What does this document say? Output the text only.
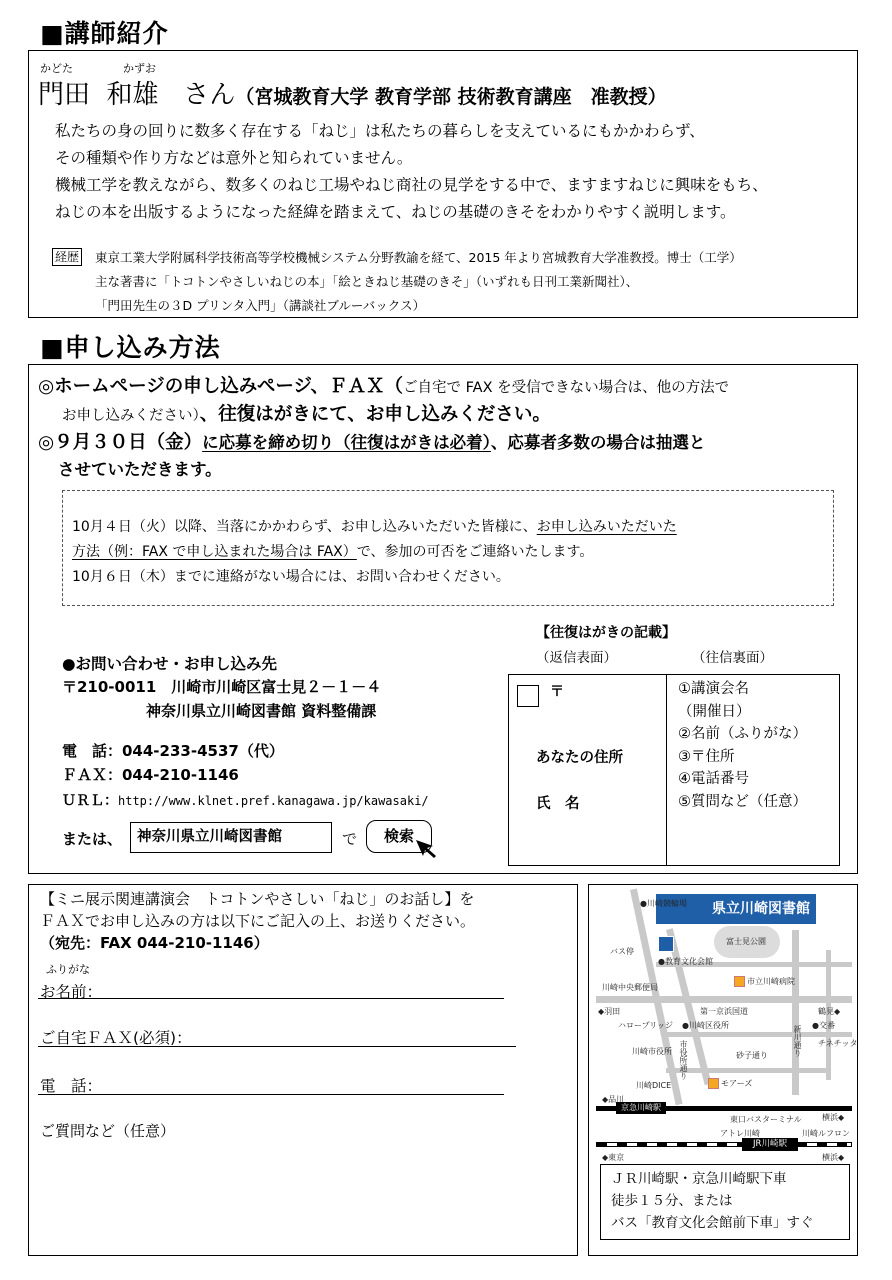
■講師紹介
かどた	かずお
門田 和雄 さん（宮城教育大学 教育学部 技術教育講座　准教授）
私たちの身の回りに数多く存在する「ねじ」は私たちの暮らしを支えているにもかかわらず、
その種類や作り方などは意外と知られていません。
機械工学を教えながら、数多くのねじ工場やねじ商社の見学をする中で、ますますねじに興味をもち、
ねじの本を出版するようになった経緯を踏まえて、ねじの基礎のきそをわかりやすく説明します。
経歴 東京工業大学附属科学技術高等学校機械システム分野教諭を経て、2015 年より宮城教育大学准教授。博士（工学）
主な著書に「トコトンやさしいねじの本」「絵ときねじ基礎のきそ」（いずれも日刊工業新聞社）、
「門田先生の３D プリンタ入門」（講談社ブルーバックス）
■申し込み方法
◎ホームページの申し込みページ、ＦＡＸ（ご自宅で FAX を受信できない場合は、他の方法で
お申し込みください）、往復はがきにて、お申し込みください。
◎９月３０日（金）に応募を締め切り（往復はがきは必着）、応募者多数の場合は抽選と
させていただきます。
10月４日（火）以降、当落にかかわらず、お申し込みいただいた皆様に、お申し込みいただいた
方法（例：FAX で申し込まれた場合は FAX）で、参加の可否をご連絡いたします。
10月６日（木）までに連絡がない場合には、お問い合わせください。
●お問い合わせ・お申し込み先
〒210-0011　川崎市川崎区富士見２－１－４
神奈川県立川崎図書館 資料整備課
電　話：044-233-4537（代）
ＦＡＸ：044-210-1146
ＵＲＬ：http://www.klnet.pref.kanagawa.jp/kawasaki/
または、	神奈川県立川崎図書館	で	検索
【往復はがきの記載】
（返信表面）	（往信裏面）
〒
あなたの住所
氏　名
①講演会名
（開催日）
②名前（ふりがな）
③〒住所
④電話番号
⑤質問など（任意）
【ミニ展示関連講演会　トコトンやさしい「ねじ」のお話し】を
ＦＡＸでお申し込みの方は以下にご記入の上、お送りください。
（宛先：FAX 044-210-1146）
ふりがな
お名前：
ご自宅ＦＡＸ(必須)：
電　話：
ご質問など（任意）
県立川崎図書館
京急川崎駅
JR川崎駅
●川崎競輪場
バス停
●教育文化会館
富士見公園
市立川崎病院
川崎中央郵便局
◆羽田	第一京浜国道	鶴見◆
●交番
ハロープリッジ ●川崎区役所
川崎市役所	砂子通り
チネチッタ
新川通り
市役所通り
川崎DICE	モアーズ
◆品川
東口バスターミナル	横浜◆
アトレ川崎	川崎ルフロン
◆東京	横浜◆
ＪＲ川崎駅・京急川崎駅下車
徒歩１５分、または
バス「教育文化会館前下車」すぐ
